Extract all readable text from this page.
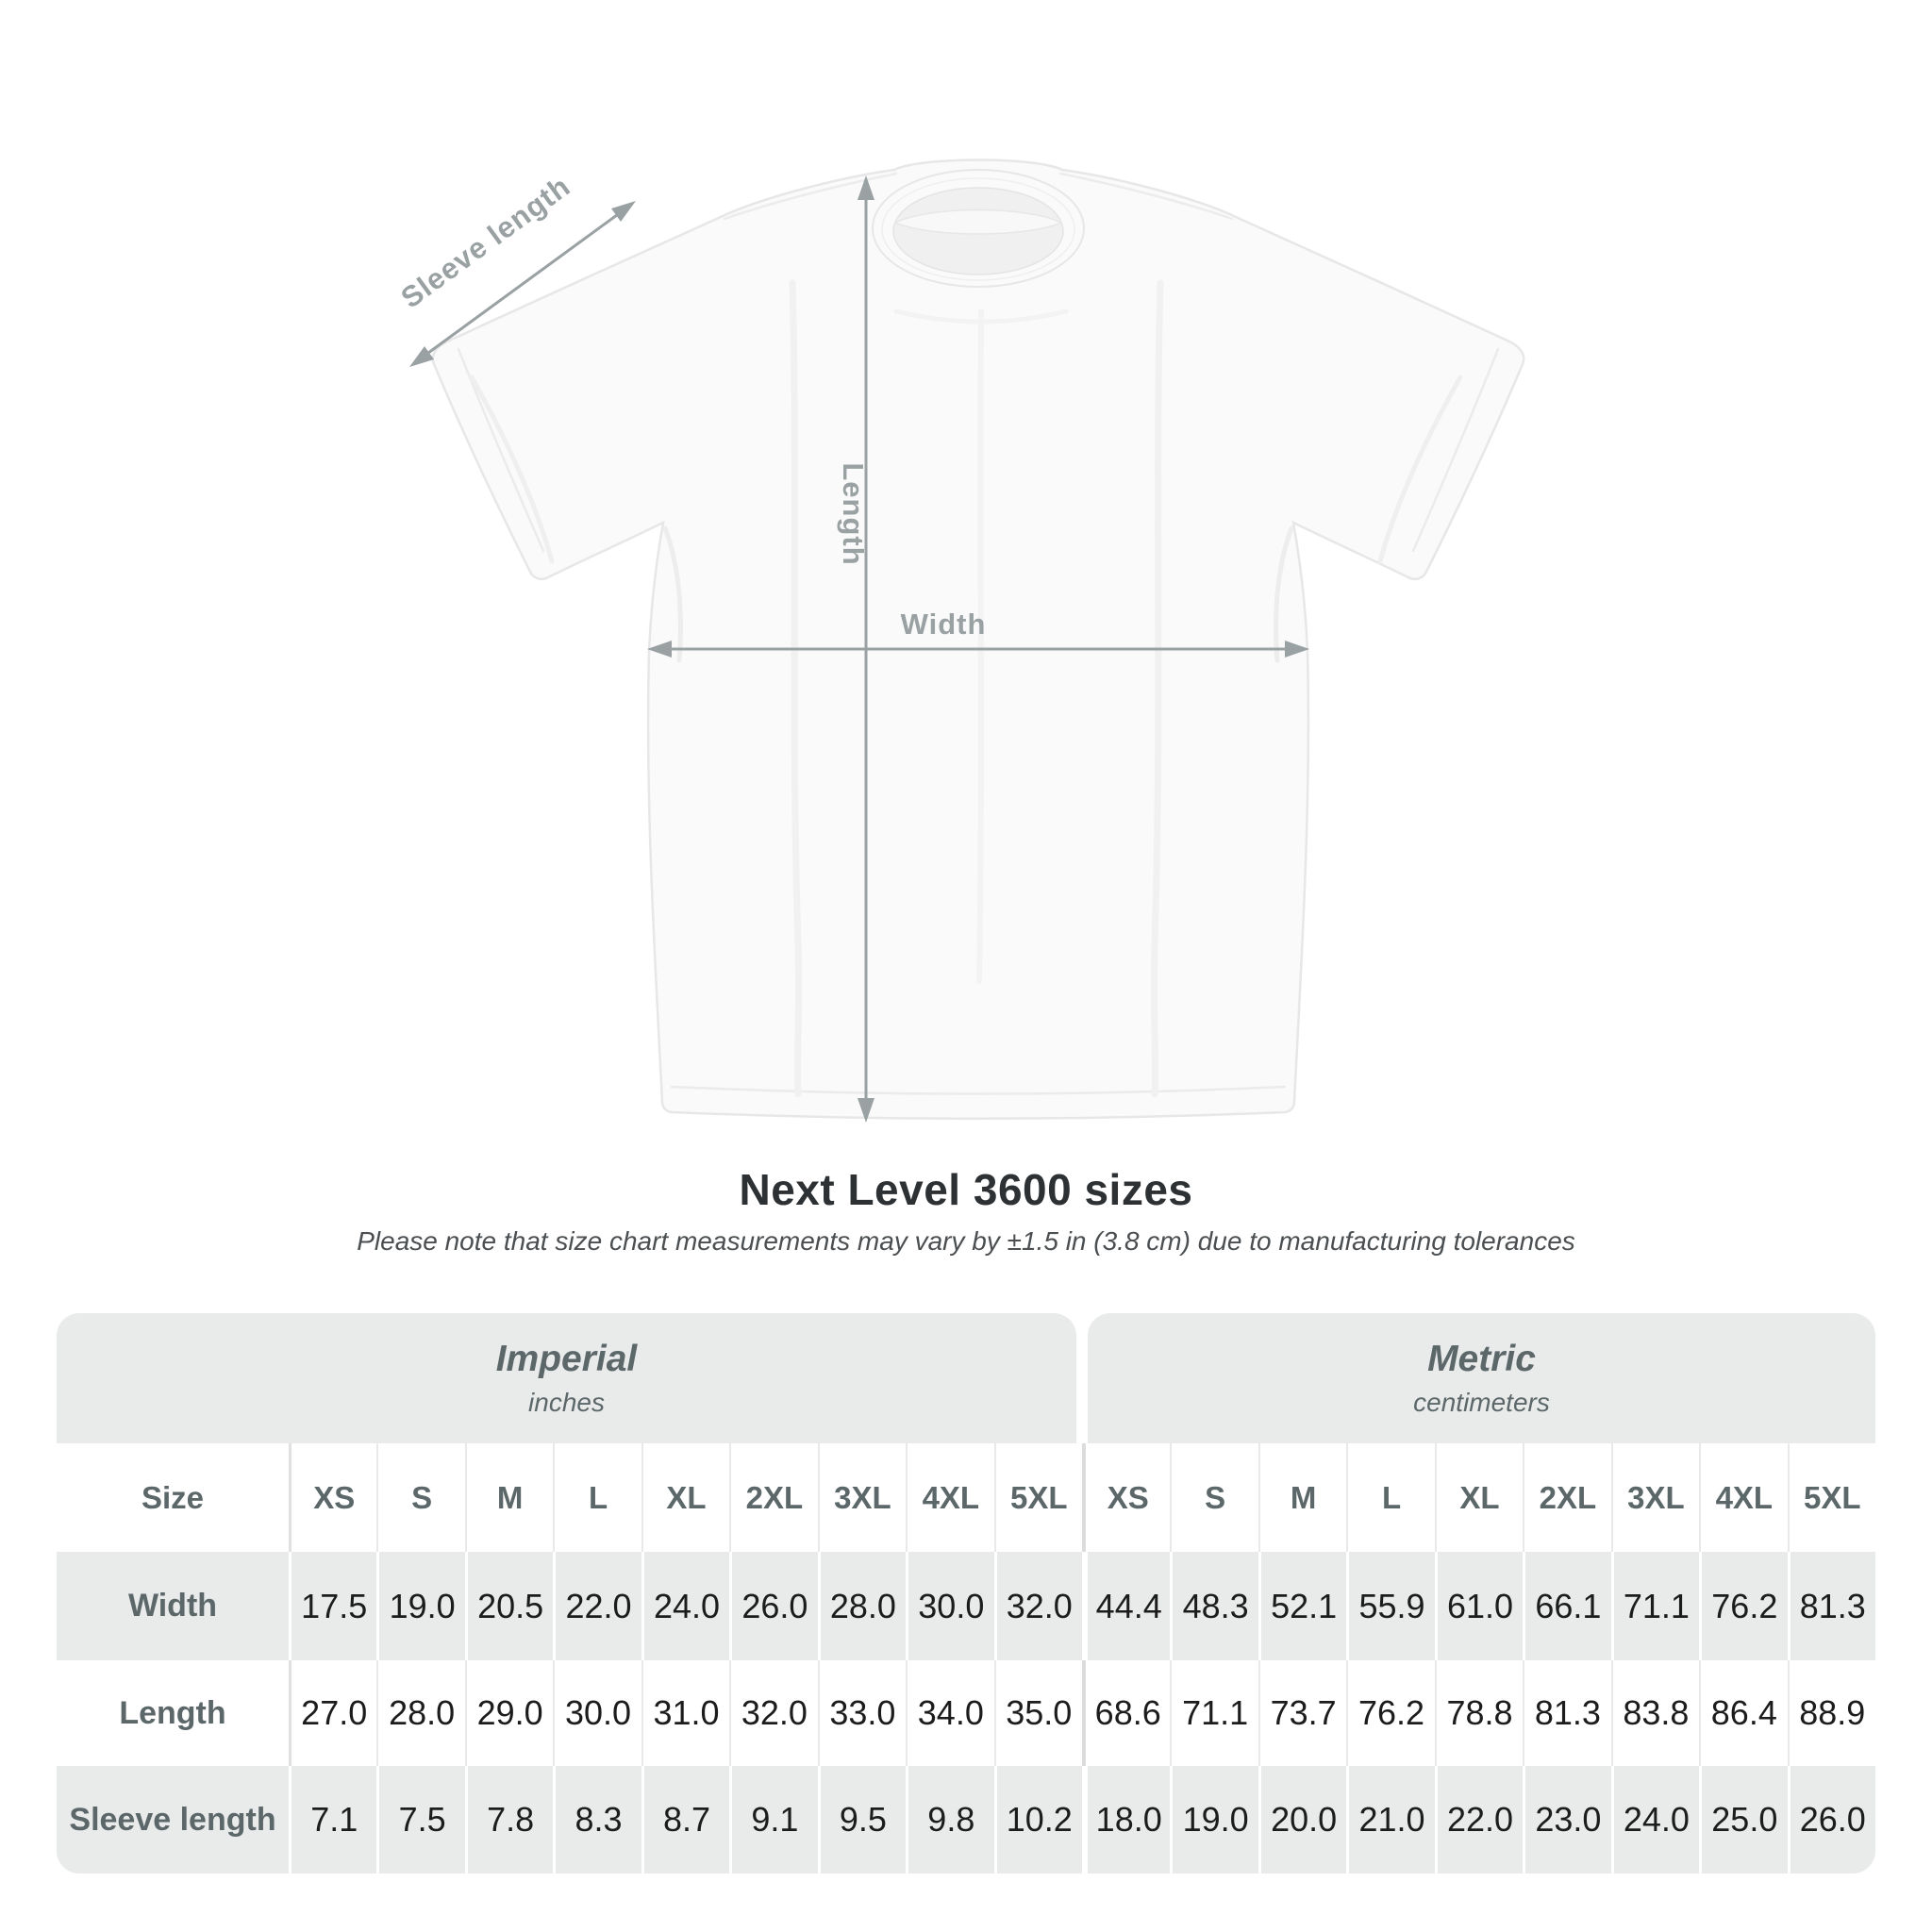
Width
Length
Sleeve length
Next Level 3600 sizes
Please note that size chart measurements may vary by ±1.5 in (3.8 cm) due to manufacturing tolerances
Imperial
inches
Metric
centimeters
Size	XS	S	M	L	XL	2XL 3XL 4XL 5XL	XS	S	M	L	XL	2XL 3XL 4XL 5XL
Width	17.5 19.0 20.5 22.0 24.0 26.0 28.0 30.0 32.0 44.4 48.3 52.1 55.9 61.0 66.1 71.1 76.2 81.3
Length	27.0 28.0 29.0 30.0 31.0 32.0 33.0 34.0 35.0 68.6 71.1 73.7 76.2 78.8 81.3 83.8 86.4 88.9
Sleeve length	7.1	7.5	7.8	8.3	8.7	9.1	9.5	9.8 10.2 18.0 19.0 20.0 21.0 22.0 23.0 24.0 25.0 26.0
